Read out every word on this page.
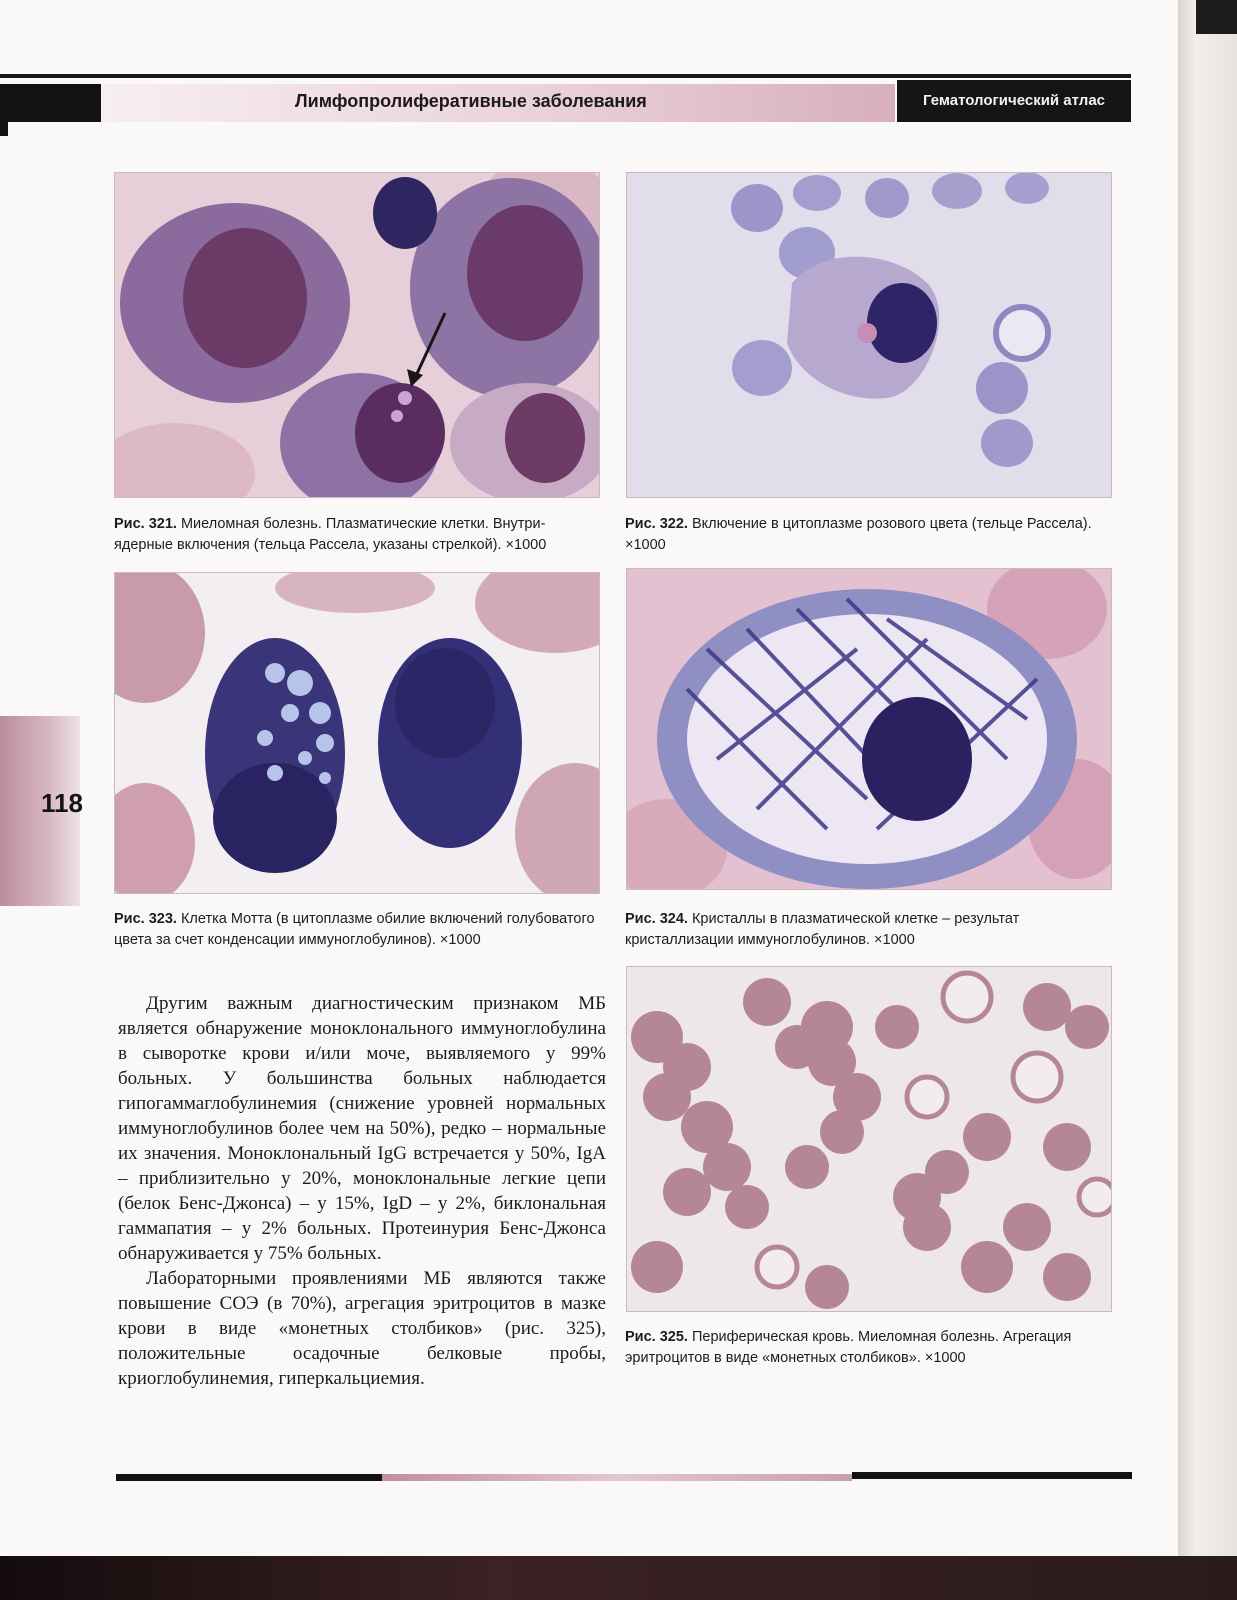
Лимфопролиферативные заболевания	Гематологический атлас
118
Рис. 321. Миеломная болезнь. Плазматические клетки. Внутри-ядерные включения (тельца Рассела, указаны стрелкой). ×1000
Рис. 322. Включение в цитоплазме розового цвета (тельце Рассела). ×1000
Рис. 323. Клетка Мотта (в цитоплазме обилие включений голубоватого цвета за счет конденсации иммуноглобулинов). ×1000
Рис. 324. Кристаллы в плазматической клетке – результат кристаллизации иммуноглобулинов. ×1000
Рис. 325. Периферическая кровь. Миеломная болезнь. Агрегация эритроцитов в виде «монетных столбиков». ×1000

Другим важным диагностическим признаком МБ является обнаружение моноклонального иммуноглобулина в сыворотке крови и/или моче, выявляемого у 99% больных. У большинства больных наблюдается гипогаммаглобулинемия (снижение уровней нормальных иммуноглобулинов более чем на 50%), редко – нормальные их значения. Моноклональный IgG встречается у 50%, IgA – приблизительно у 20%, моноклональные легкие цепи (белок Бенс-Джонса) – у 15%, IgD – у 2%, биклональная гаммапатия – у 2% больных. Протеинурия Бенс-Джонса обнаруживается у 75% больных.

Лабораторными проявлениями МБ являются также повышение СОЭ (в 70%), агрегация эритроцитов в мазке крови в виде «монетных столбиков» (рис. 325), положительные осадочные белковые пробы, криоглобулинемия, гиперкальциемия.
